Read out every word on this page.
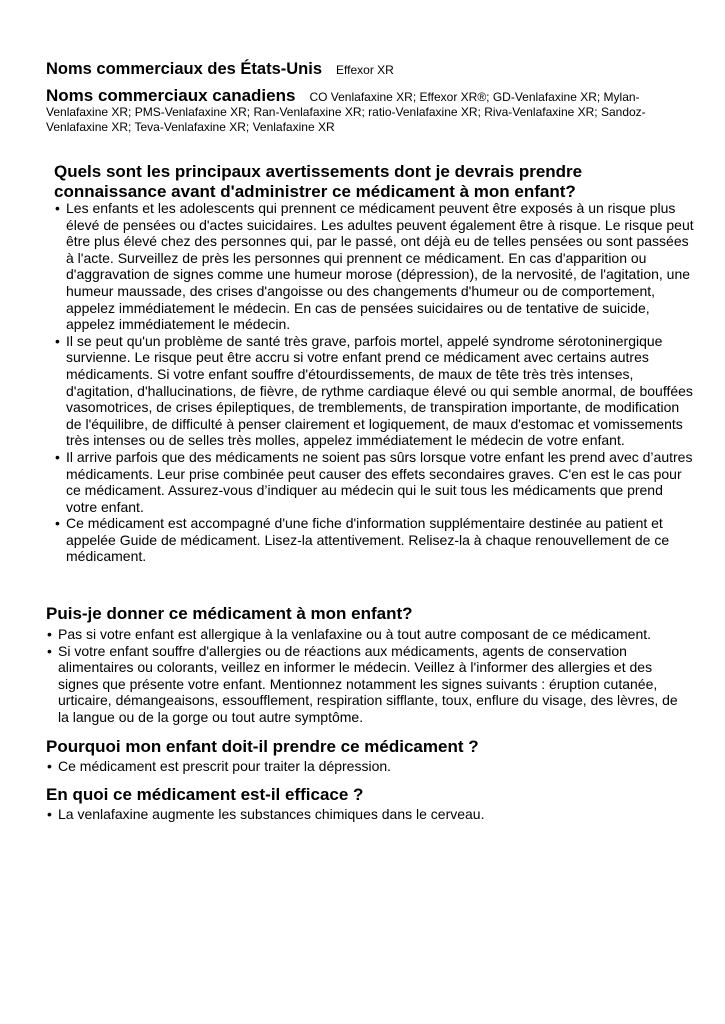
Noms commerciaux des États-Unis Effexor XR
Noms commerciaux canadiens CO Venlafaxine XR; Effexor XR®; GD-Venlafaxine XR; Mylan-Venlafaxine XR; PMS-Venlafaxine XR; Ran-Venlafaxine XR; ratio-Venlafaxine XR; Riva-Venlafaxine XR; Sandoz-Venlafaxine XR; Teva-Venlafaxine XR; Venlafaxine XR
Quels sont les principaux avertissements dont je devrais prendre connaissance avant d'administrer ce médicament à mon enfant?
• Les enfants et les adolescents qui prennent ce médicament peuvent être exposés à un risque plus élevé de pensées ou d'actes suicidaires. Les adultes peuvent également être à risque. Le risque peut être plus élevé chez des personnes qui, par le passé, ont déjà eu de telles pensées ou sont passées à l'acte. Surveillez de près les personnes qui prennent ce médicament. En cas d'apparition ou d'aggravation de signes comme une humeur morose (dépression), de la nervosité, de l'agitation, une humeur maussade, des crises d'angoisse ou des changements d'humeur ou de comportement, appelez immédiatement le médecin. En cas de pensées suicidaires ou de tentative de suicide, appelez immédiatement le médecin.
• Il se peut qu'un problème de santé très grave, parfois mortel, appelé syndrome sérotoninergique survienne. Le risque peut être accru si votre enfant prend ce médicament avec certains autres médicaments. Si votre enfant souffre d'étourdissements, de maux de tête très très intenses, d'agitation, d'hallucinations, de fièvre, de rythme cardiaque élevé ou qui semble anormal, de bouffées vasomotrices, de crises épileptiques, de tremblements, de transpiration importante, de modification de l'équilibre, de difficulté à penser clairement et logiquement, de maux d'estomac et vomissements très intenses ou de selles très molles, appelez immédiatement le médecin de votre enfant.
• Il arrive parfois que des médicaments ne soient pas sûrs lorsque votre enfant les prend avec d’autres médicaments. Leur prise combinée peut causer des effets secondaires graves. C'en est le cas pour ce médicament. Assurez-vous d’indiquer au médecin qui le suit tous les médicaments que prend votre enfant.
• Ce médicament est accompagné d'une fiche d'information supplémentaire destinée au patient et appelée Guide de médicament. Lisez-la attentivement. Relisez-la à chaque renouvellement de ce médicament.
Puis-je donner ce médicament à mon enfant?
• Pas si votre enfant est allergique à la venlafaxine ou à tout autre composant de ce médicament.
• Si votre enfant souffre d'allergies ou de réactions aux médicaments, agents de conservation alimentaires ou colorants, veillez en informer le médecin. Veillez à l'informer des allergies et des signes que présente votre enfant. Mentionnez notamment les signes suivants : éruption cutanée, urticaire, démangeaisons, essoufflement, respiration sifflante, toux, enflure du visage, des lèvres, de la langue ou de la gorge ou tout autre symptôme.
Pourquoi mon enfant doit-il prendre ce médicament ?
• Ce médicament est prescrit pour traiter la dépression.
En quoi ce médicament est-il efficace ?
• La venlafaxine augmente les substances chimiques dans le cerveau.
